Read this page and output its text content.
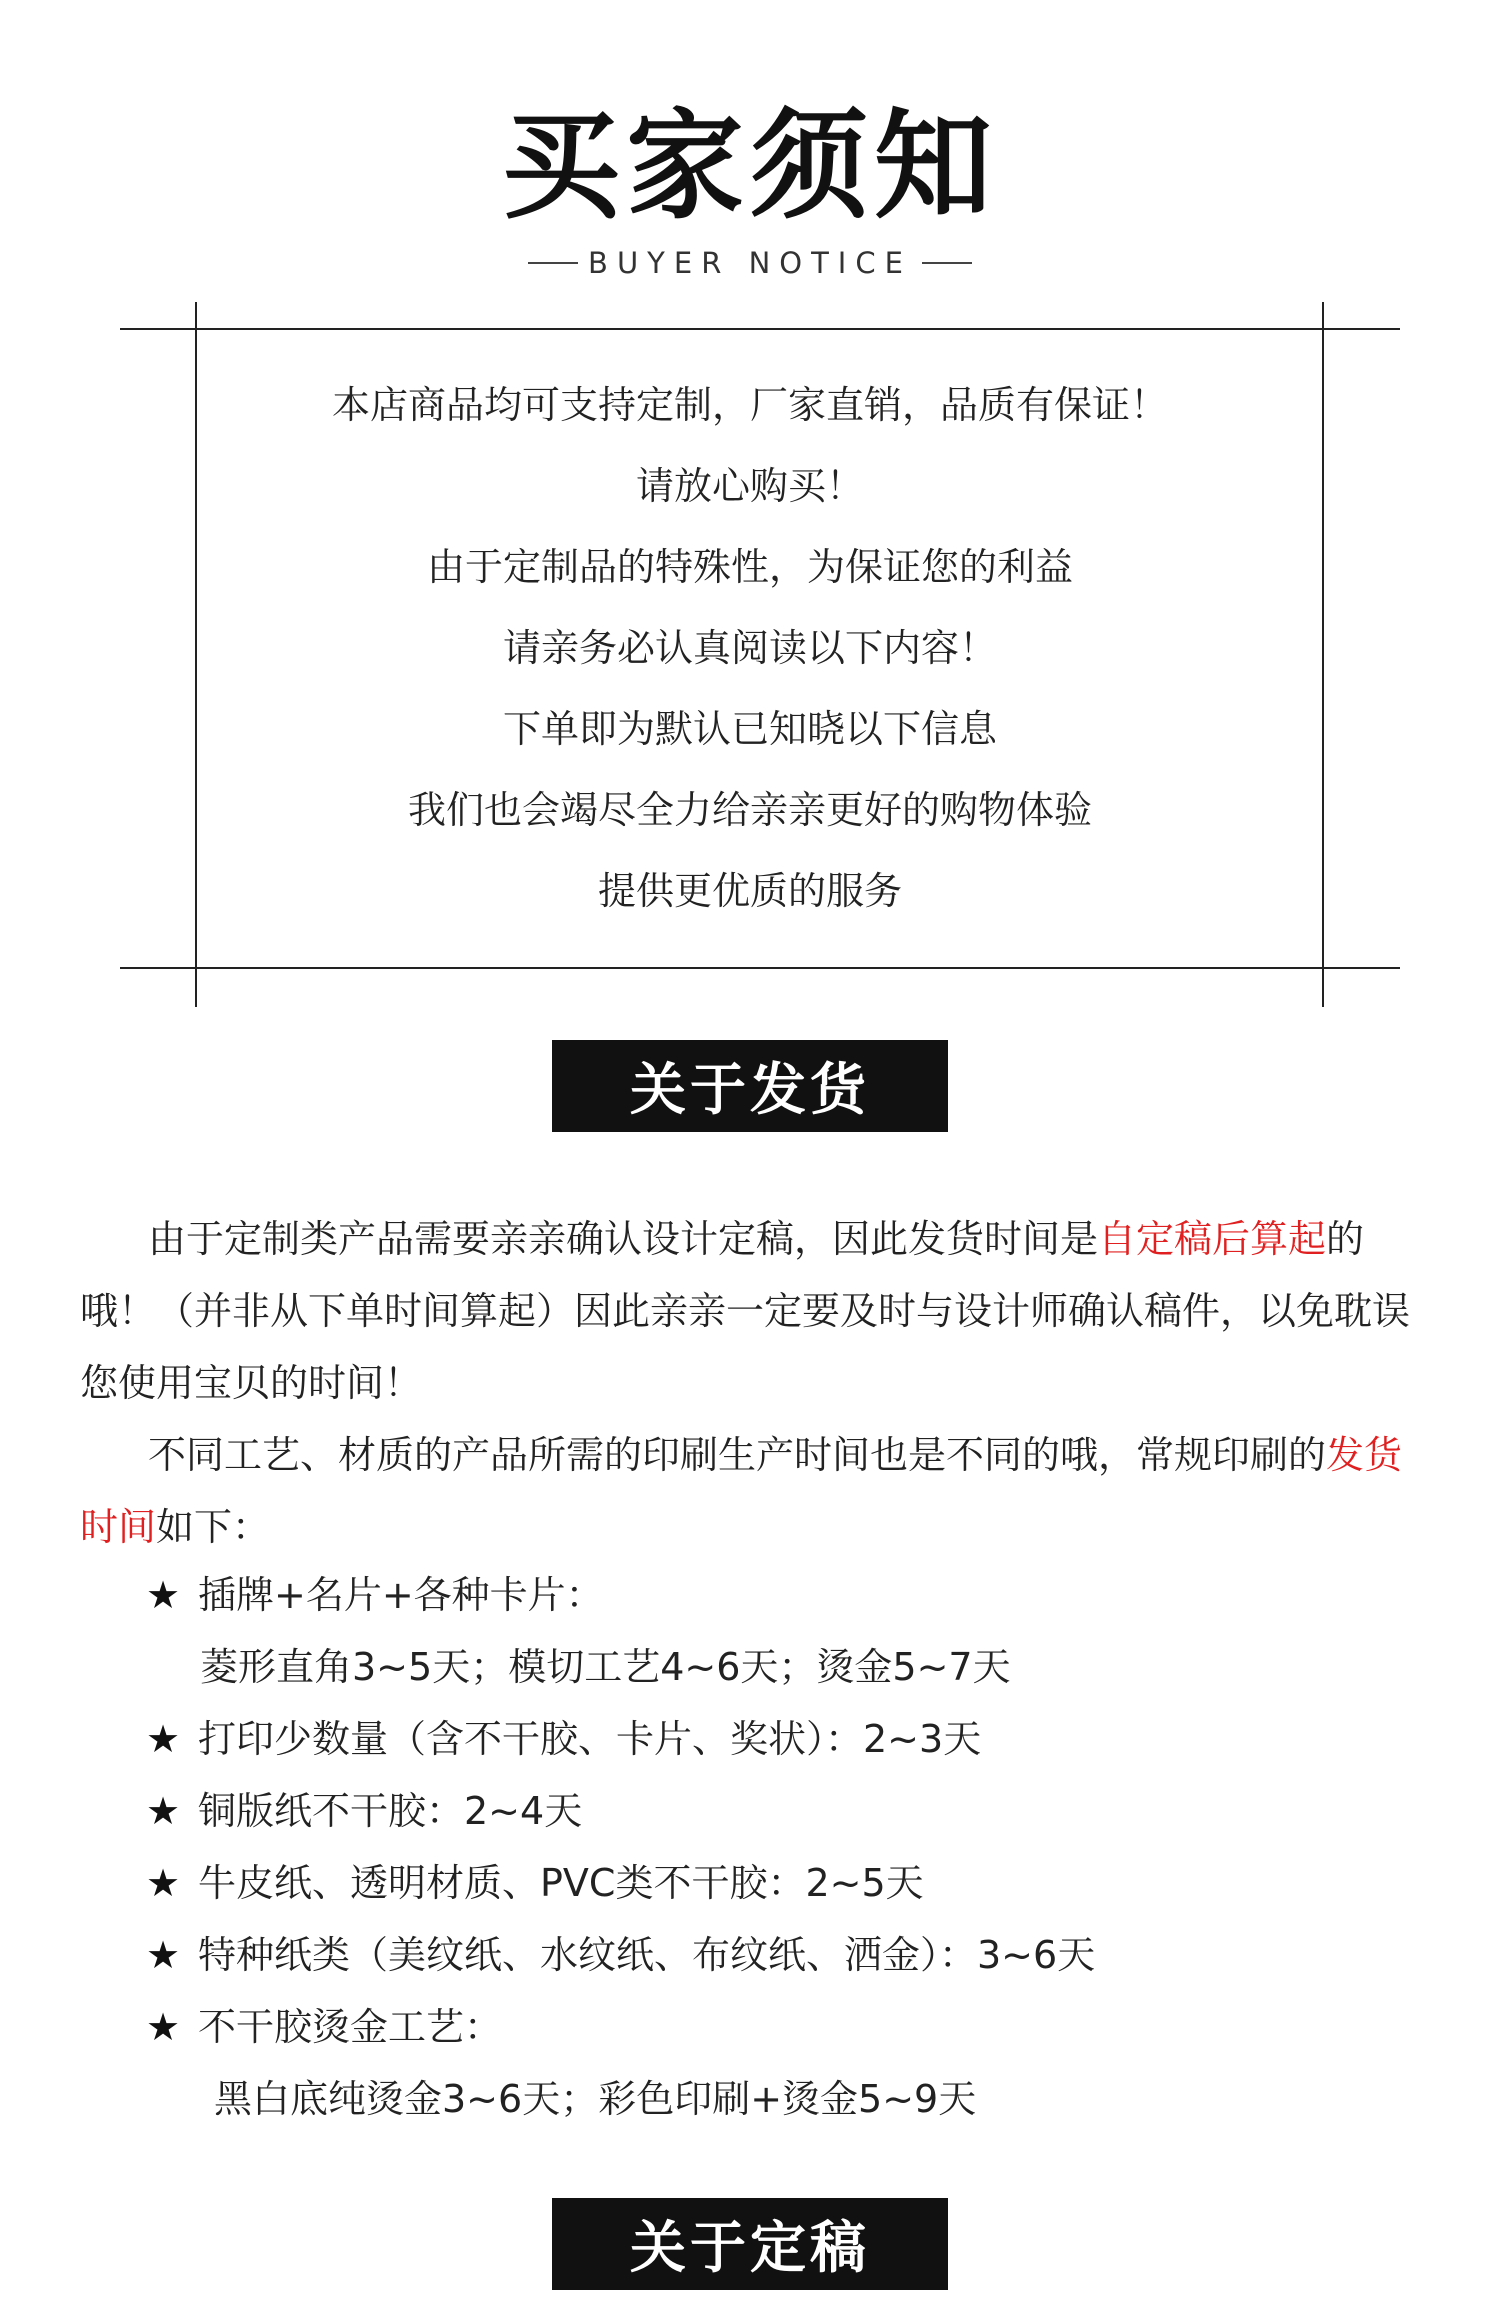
买家须知
BUYER NOTICE
本店商品均可支持定制，厂家直销，品质有保证！
请放心购买！
由于定制品的特殊性，为保证您的利益
请亲务必认真阅读以下内容！
下单即为默认已知晓以下信息
我们也会竭尽全力给亲亲更好的购物体验
提供更优质的服务
关于发货

由于定制类产品需要亲亲确认设计定稿，因此发货时间是自定稿后算起的哦！（并非从下单时间算起）因此亲亲一定要及时与设计师确认稿件，以免耽误您使用宝贝的时间！

不同工艺、材质的产品所需的印刷生产时间也是不同的哦，常规印刷的发货时间如下：

★ 插牌+名片+各种卡片：
菱形直角3~5天；模切工艺4~6天；烫金5~7天
★ 打印少数量（含不干胶、卡片、奖状）：2~3天
★ 铜版纸不干胶：2~4天
★ 牛皮纸、透明材质、PVC类不干胶：2~5天
★ 特种纸类（美纹纸、水纹纸、布纹纸、洒金）：3~6天
★ 不干胶烫金工艺：
黑白底纯烫金3~6天；彩色印刷+烫金5~9天
关于定稿
